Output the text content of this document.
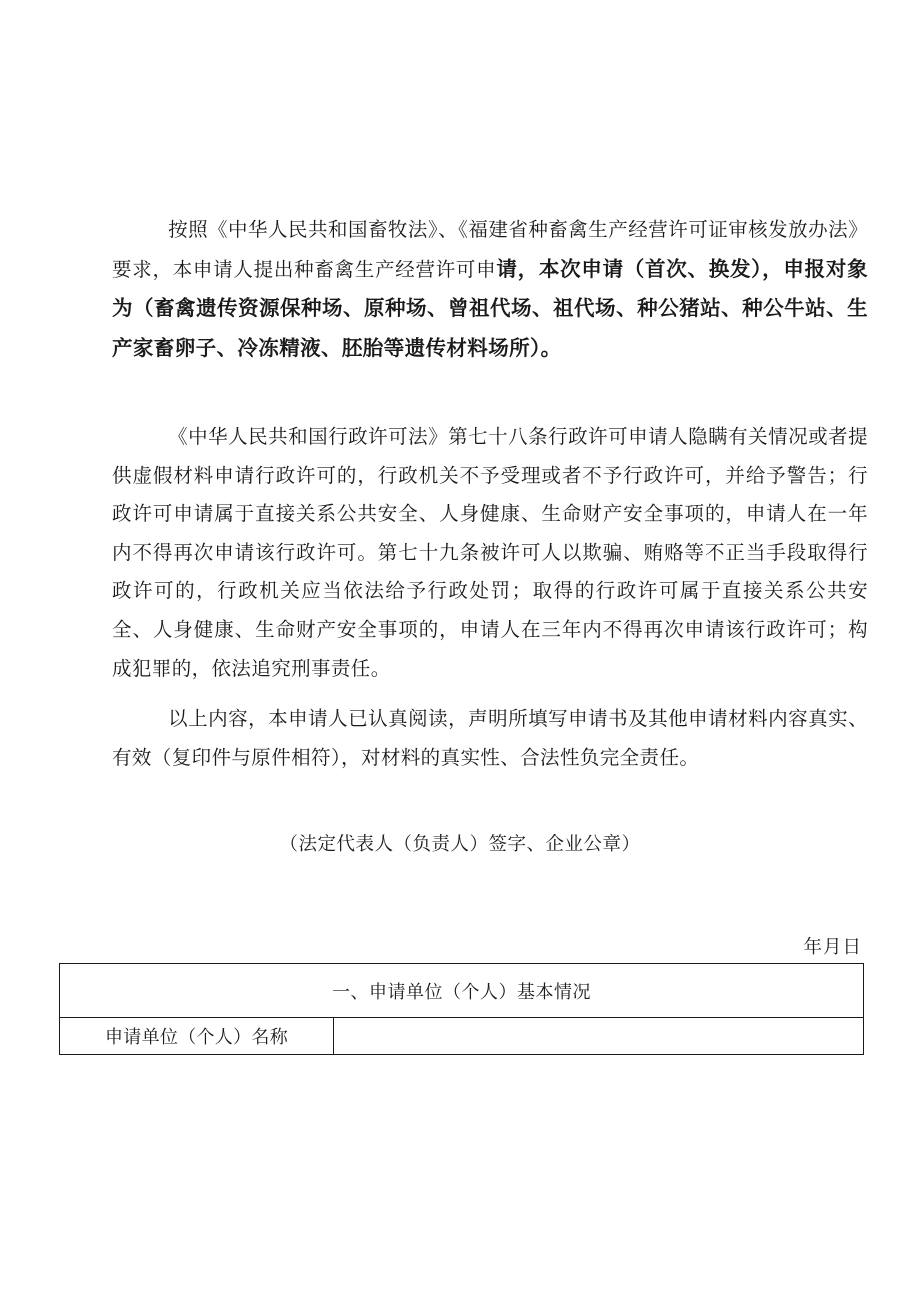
按照《中华人民共和国畜牧法》、《福建省种畜禽生产经营许可证审核发放办法》要求，本申请人提出种畜禽生产经营许可申请，本次申请（首次、换发），申报对象为（畜禽遗传资源保种场、原种场、曾祖代场、祖代场、种公猪站、种公牛站、生产家畜卵子、冷冻精液、胚胎等遗传材料场所）。
《中华人民共和国行政许可法》第七十八条行政许可申请人隐瞒有关情况或者提供虚假材料申请行政许可的，行政机关不予受理或者不予行政许可，并给予警告；行政许可申请属于直接关系公共安全、人身健康、生命财产安全事项的，申请人在一年内不得再次申请该行政许可。第七十九条被许可人以欺骗、贿赂等不正当手段取得行政许可的，行政机关应当依法给予行政处罚；取得的行政许可属于直接关系公共安全、人身健康、生命财产安全事项的，申请人在三年内不得再次申请该行政许可；构成犯罪的，依法追究刑事责任。
以上内容，本申请人已认真阅读，声明所填写申请书及其他申请材料内容真实、有效（复印件与原件相符），对材料的真实性、合法性负完全责任。
（法定代表人（负责人）签字、企业公章）
年月日
一、申请单位（个人）基本情况
申请单位（个人）名称	
